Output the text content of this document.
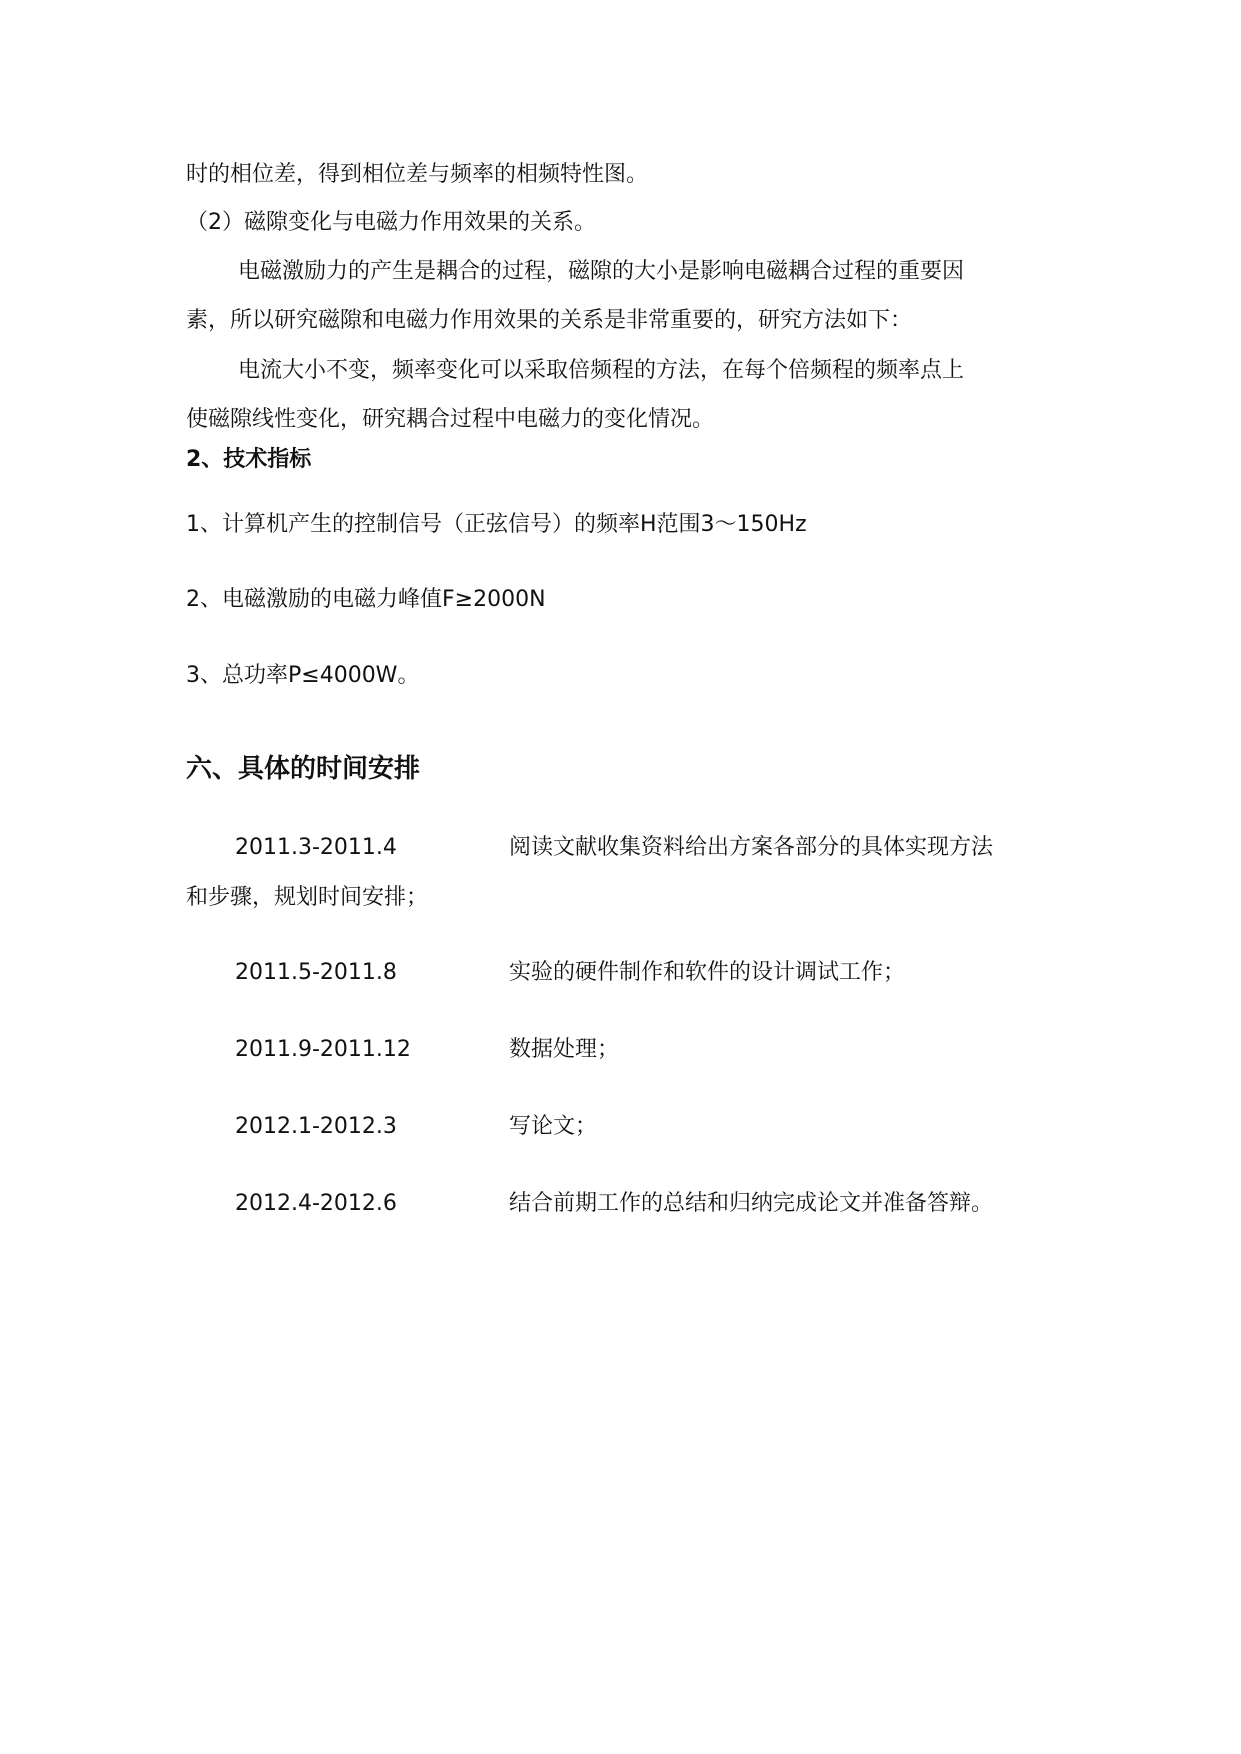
时的相位差，得到相位差与频率的相频特性图。
（2）磁隙变化与电磁力作用效果的关系。
电磁激励力的产生是耦合的过程，磁隙的大小是影响电磁耦合过程的重要因
素，所以研究磁隙和电磁力作用效果的关系是非常重要的，研究方法如下：
电流大小不变，频率变化可以采取倍频程的方法，在每个倍频程的频率点上
使磁隙线性变化，研究耦合过程中电磁力的变化情况。
2、技术指标
1、计算机产生的控制信号（正弦信号）的频率H范围3～150Hz
2、电磁激励的电磁力峰值F≥2000N
3、总功率P≤4000W。
六、具体的时间安排
2011.3-2011.4	阅读文献收集资料给出方案各部分的具体实现方法
和步骤，规划时间安排；
2011.5-2011.8	实验的硬件制作和软件的设计调试工作；
2011.9-2011.12	数据处理；
2012.1-2012.3	写论文；
2012.4-2012.6	结合前期工作的总结和归纳完成论文并准备答辩。
